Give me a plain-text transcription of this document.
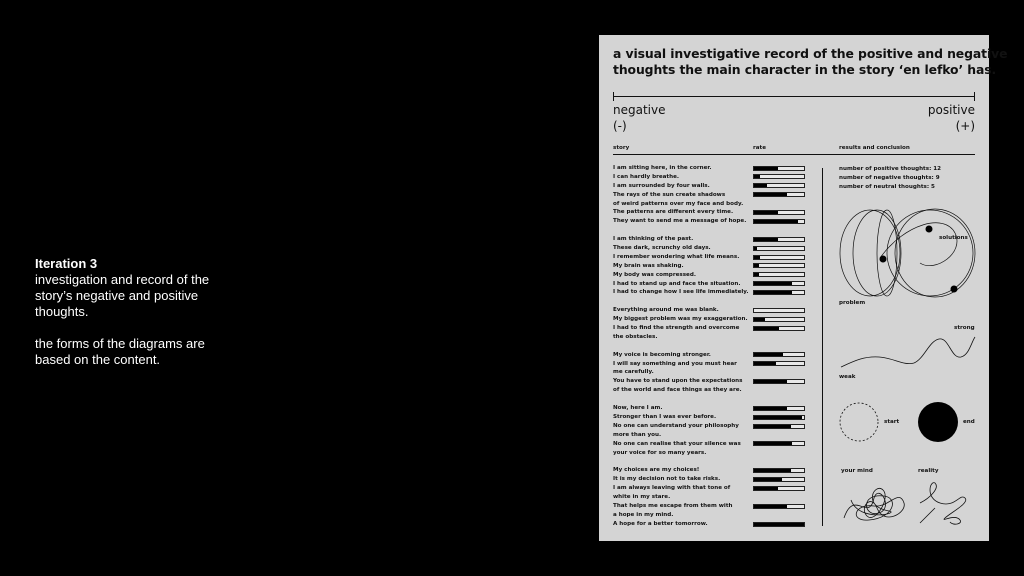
Iteration 3

investigation and record of the

story’s negative and positive

thoughts.

the forms of the diagrams are

based on the content.

a visual investigative record of the positive and negative
thoughts the main character in the story ‘en lefko’ has.
negative
(-)
positive
(+)
story	rate	results and conclusion
I am sitting here, in the corner.
I can hardly breathe.
I am surrounded by four walls.
The rays of the sun create shadows
of weird patterns over my face and body.
The patterns are different every time.
They want to send me a message of hope.
I am thinking of the past.
These dark, scrunchy old days.
I remember wondering what life means.
My brain was shaking.
My body was compressed.
I had to stand up and face the situation.
I had to change how I see life immediately.
Everything around me was blank.
My biggest problem was my exaggeration.
I had to find the strength and overcome
the obstacles.
My voice is becoming stronger.
I will say something and you must hear
me carefully.
You have to stand upon the expectations
of the world and face things as they are.
Now, here I am.
Stronger than I was ever before.
No one can understand your philosophy
more than you.
No one can realise that your silence was
your voice for so many years.
My choices are my choices!
It is my decision not to take risks.
I am always leaving with that tone of
white in my stare.
That helps me escape from them with
a hope in my mind.
A hope for a better tomorrow.
number of positive thoughts: 12
number of negative thoughts: 9
number of neutral thoughts: 5
solutions
problem
strong
weak
start	end
your mind	reality
